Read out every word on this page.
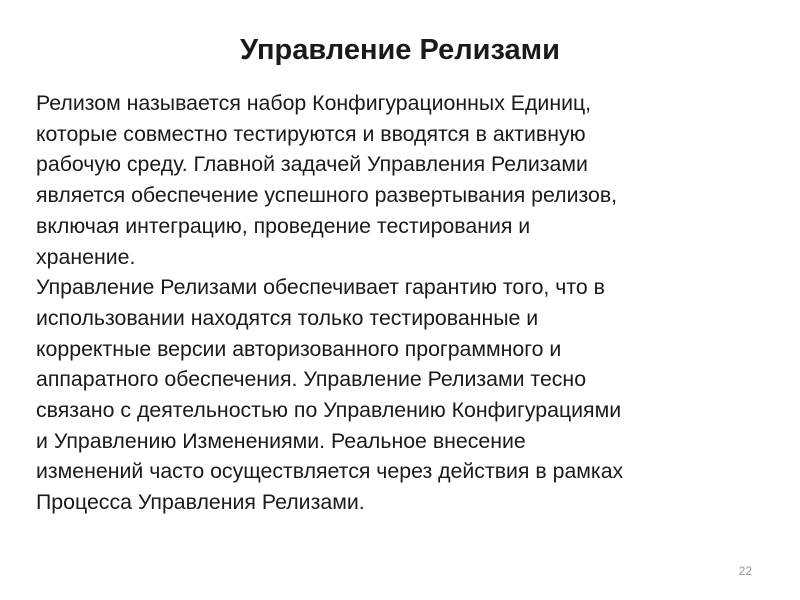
Управление Релизами

Релизом называется набор Конфигурационных Единиц,
которые совместно тестируются и вводятся в активную
рабочую среду. Главной задачей Управления Релизами
является обеспечение успешного развертывания релизов,
включая интеграцию, проведение тестирования и
хранение.

Управление Релизами обеспечивает гарантию того, что в
использовании находятся только тестированные и
корректные версии авторизованного программного и
аппаратного обеспечения. Управление Релизами тесно
связано с деятельностью по Управлению Конфигурациями
и Управлению Изменениями. Реальное внесение
изменений часто осуществляется через действия в рамках
Процесса Управления Релизами.

22
